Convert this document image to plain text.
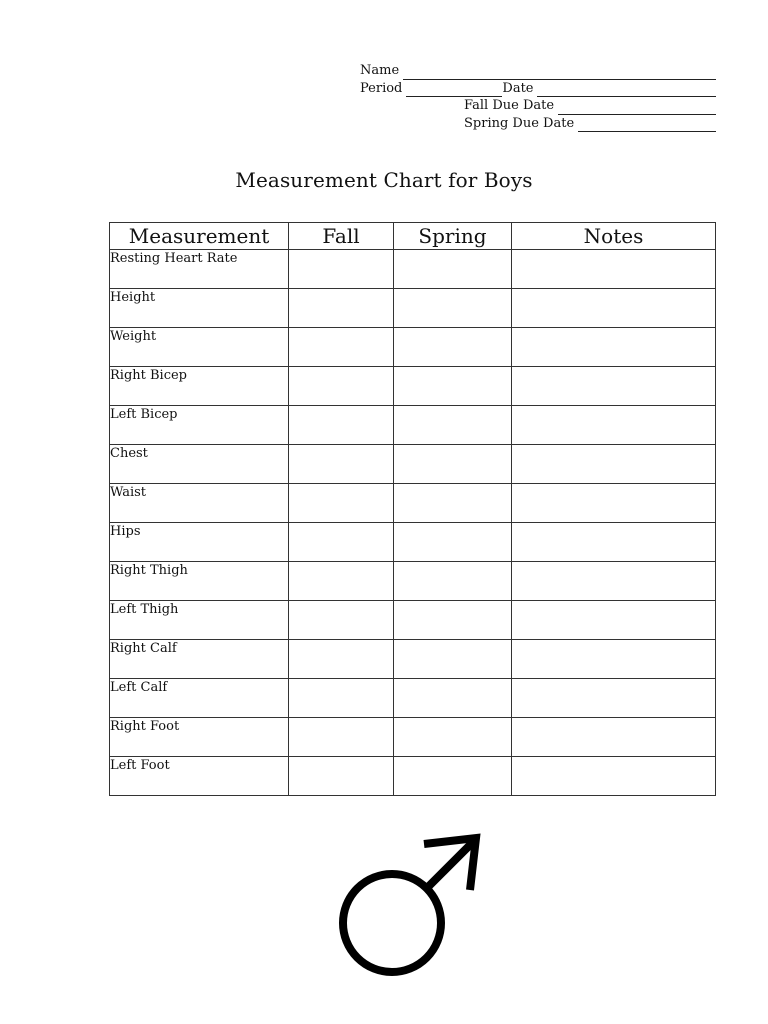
Name
Period	Date
Fall Due Date
Spring Due Date
Measurement Chart for Boys
Measurement	Fall	Spring	Notes
Resting Heart Rate			
Height			
Weight			
Right Bicep			
Left Bicep			
Chest			
Waist			
Hips			
Right Thigh			
Left Thigh			
Right Calf			
Left Calf			
Right Foot			
Left Foot			
